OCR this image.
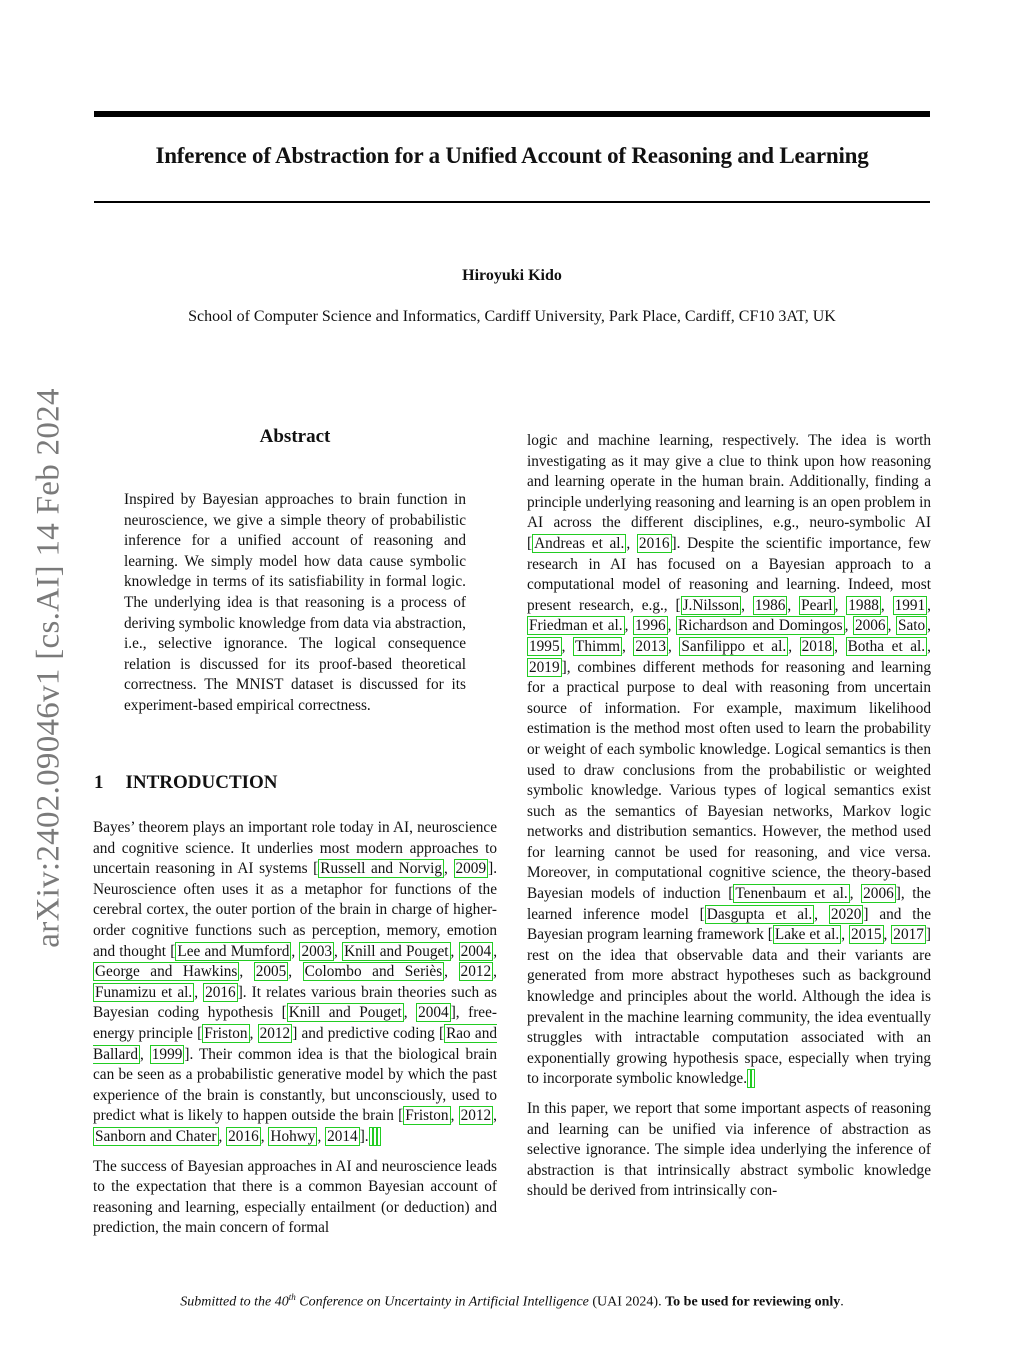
Inference of Abstraction for a Unified Account of Reasoning and Learning
Hiroyuki Kido
School of Computer Science and Informatics, Cardiff University, Park Place, Cardiff, CF10 3AT, UK
arXiv:2402.09046v1 [cs.AI] 14 Feb 2024	Abstract
Inspired by Bayesian approaches to brain function in neuroscience, we give a simple theory of probabilistic inference for a unified account of reasoning and learning. We simply model how data cause symbolic knowledge in terms of its satisfiability in formal logic. The underlying idea is that reasoning is a process of deriving symbolic knowledge from data via abstraction, i.e., selective ignorance. The logical consequence relation is discussed for its proof-based theoretical correctness. The MNIST dataset is discussed for its experiment-based empirical correctness.
1 INTRODUCTION

Bayes’ theorem plays an important role today in AI, neuroscience and cognitive science. It underlies most modern approaches to uncertain reasoning in AI systems [ Russell and Norvig , 2009 ]. Neuroscience often uses it as a metaphor for functions of the cerebral cortex, the outer portion of the brain in charge of higher-order cognitive functions such as perception, memory, emotion and thought [ Lee and Mumford , 2003 , Knill and Pouget , 2004 , George and Hawkins , 2005 , Colombo and Seriès , 2012 , Funamizu et al. , 2016 ]. It relates various brain theories such as Bayesian coding hypothesis [ Knill and Pouget , 2004 ], free-energy principle [ Friston , 2012 ] and predictive coding [ Rao and Ballard , 1999 ]. Their common idea is that the biological brain can be seen as a probabilistic generative model by which the past experience of the brain is constantly, but unconsciously, used to predict what is likely to happen outside the brain [ Friston , 2012 , Sanborn and Chater , 2016 , Hohwy , 2014 ].

The success of Bayesian approaches in AI and neuroscience leads to the expectation that there is a common Bayesian account of reasoning and learning, especially entailment (or deduction) and prediction, the main concern of formal

logic and machine learning, respectively. The idea is worth investigating as it may give a clue to think upon how reasoning and learning operate in the human brain. Additionally, finding a principle underlying reasoning and learning is an open problem in AI across the different disciplines, e.g., neuro-symbolic AI [ Andreas et al. , 2016 ]. Despite the scientific importance, few research in AI has focused on a Bayesian approach to a computational model of reasoning and learning. Indeed, most present research, e.g., [ J.Nilsson , 1986 , Pearl , 1988 , 1991 , Friedman et al. , 1996 , Richardson and Domingos , 2006 , Sato , 1995 , Thimm , 2013 , Sanfilippo et al. , 2018 , Botha et al. , 2019 ], combines different methods for reasoning and learning for a practical purpose to deal with reasoning from uncertain source of information. For example, maximum likelihood estimation is the method most often used to learn the probability or weight of each symbolic knowledge. Logical semantics is then used to draw conclusions from the probabilistic or weighted symbolic knowledge. Various types of logical semantics exist such as the semantics of Bayesian networks, Markov logic networks and distribution semantics. However, the method used for learning cannot be used for reasoning, and vice versa. Moreover, in computational cognitive science, the theory-based Bayesian models of induction [ Tenenbaum et al. , 2006 ], the learned inference model [ Dasgupta et al. , 2020 ] and the Bayesian program learning framework [ Lake et al. , 2015 , 2017 ] rest on the idea that observable data and their variants are generated from more abstract hypotheses such as background knowledge and principles about the world. Although the idea is prevalent in the machine learning community, the idea eventually struggles with intractable computation associated with an exponentially growing hypothesis space, especially when trying to incorporate symbolic knowledge.

In this paper, we report that some important aspects of reasoning and learning can be unified via inference of abstraction as selective ignorance. The simple idea underlying the inference of abstraction is that intrinsically abstract symbolic knowledge should be derived from intrinsically con-

Submitted to the 40th Conference on Uncertainty in Artificial Intelligence (UAI 2024). To be used for reviewing only.
